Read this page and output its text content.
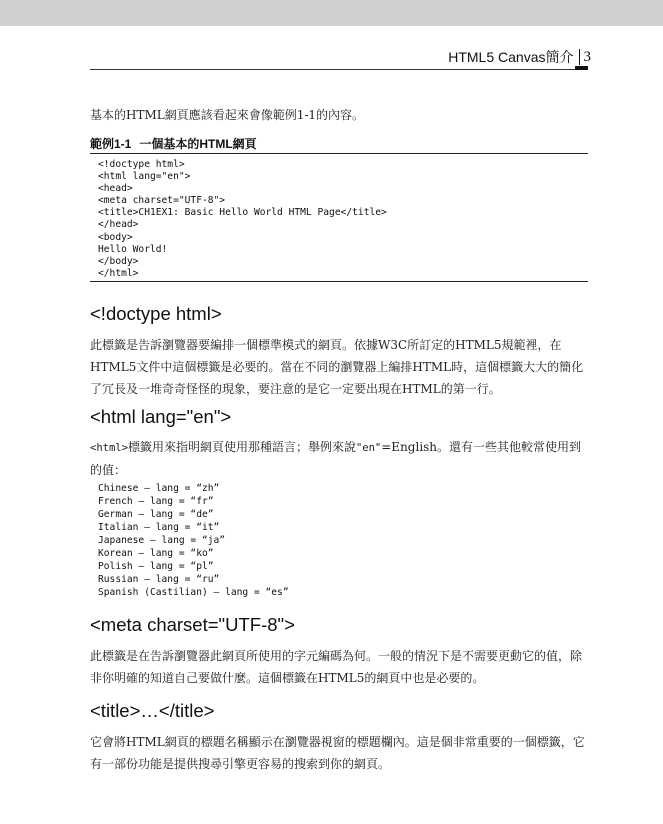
HTML5 Canvas簡介 3
基本的HTML網頁應該看起來會像範例1-1的內容。
範例1-1 一個基本的HTML網頁
<!doctype html>
<html lang="en">
<head>
<meta charset="UTF-8">
<title>CH1EX1: Basic Hello World HTML Page</title>
</head>
<body>
Hello World!
</body>
</html>
<!doctype html>
此標籤是告訴瀏覽器要編排一個標準模式的網頁。依據W3C所訂定的HTML5規範裡，在HTML5文件中這個標籤是必要的。當在不同的瀏覽器上編排HTML時，這個標籤大大的簡化了冗長及一堆奇奇怪怪的現象，要注意的是它一定要出現在HTML的第一行。
<html lang="en">
<html>標籤用來指明網頁使用那種語言；舉例來說"en"=English。還有一些其他較常使用到的值：
Chinese – lang = “zh”
French – lang = “fr”
German – lang = “de”
Italian – lang = “it”
Japanese – lang = “ja”
Korean – lang = “ko”
Polish – lang = “pl”
Russian – lang = “ru”
Spanish (Castilian) – lang = “es”
<meta charset="UTF-8">
此標籤是在告訴瀏覽器此網頁所使用的字元編碼為何。一般的情況下是不需要更動它的值，除非你明確的知道自己要做什麼。這個標籤在HTML5的網頁中也是必要的。
<title>…</title>
它會將HTML網頁的標題名稱顯示在瀏覽器視窗的標題欄內。這是個非常重要的一個標籤，它有一部份功能是提供搜尋引擎更容易的搜索到你的網頁。
